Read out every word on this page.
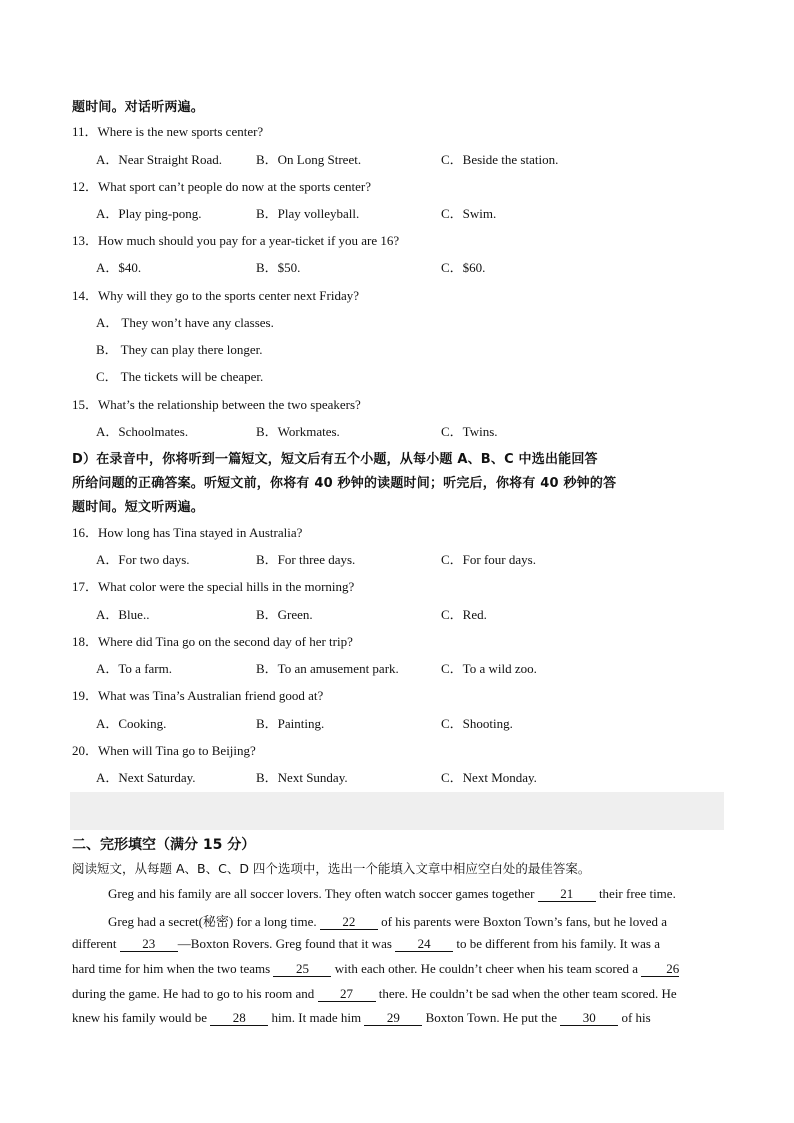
题时间。对话听两遍。
11．Where is the new sports center?
A．Near Straight Road.	B．On Long Street.	C．Beside the station.
12．What sport can’t people do now at the sports center?
A．Play ping-pong.	B．Play volleyball.	C．Swim.
13．How much should you pay for a year-ticket if you are 16?
A．$40.	B．$50.	C．$60.
14．Why will they go to the sports center next Friday?
A． They won’t have any classes.
B． They can play there longer.
C． The tickets will be cheaper.
15．What’s the relationship between the two speakers?
A．Schoolmates.	B．Workmates.	C．Twins.
D）在录音中，你将听到一篇短文，短文后有五个小题，从每小题 A、B、C 中选出能回答
所给问题的正确答案。听短文前，你将有 40 秒钟的读题时间；听完后，你将有 40 秒钟的答
题时间。短文听两遍。
16．How long has Tina stayed in Australia?
A．For two days.	B．For three days.	C．For four days.
17．What color were the special hills in the morning?
A．Blue..	B．Green.	C．Red.
18．Where did Tina go on the second day of her trip?
A．To a farm.	B．To an amusement park.	C．To a wild zoo.
19．What was Tina’s Australian friend good at?
A．Cooking.	B．Painting.	C．Shooting.
20．When will Tina go to Beijing?
A．Next Saturday.	B．Next Sunday.	C．Next Monday.
二、完形填空（满分 15 分）
阅读短文，从每题 A、B、C、D 四个选项中，选出一个能填入文章中相应空白处的最佳答案。
Greg and his family are all soccer lovers. They often watch soccer games together 21 their free time.
Greg had a secret(秘密) for a long time. 22 of his parents were Boxton Town’s fans, but he loved a
different 23 —Boxton Rovers. Greg found that it was 24 to be different from his family. It was a
hard time for him when the two teams 25 with each other. He couldn’t cheer when his team scored a 26
during the game. He had to go to his room and 27 there. He couldn’t be sad when the other team scored. He
knew his family would be 28 him. It made him 29 Boxton Town. He put the 30 of his
